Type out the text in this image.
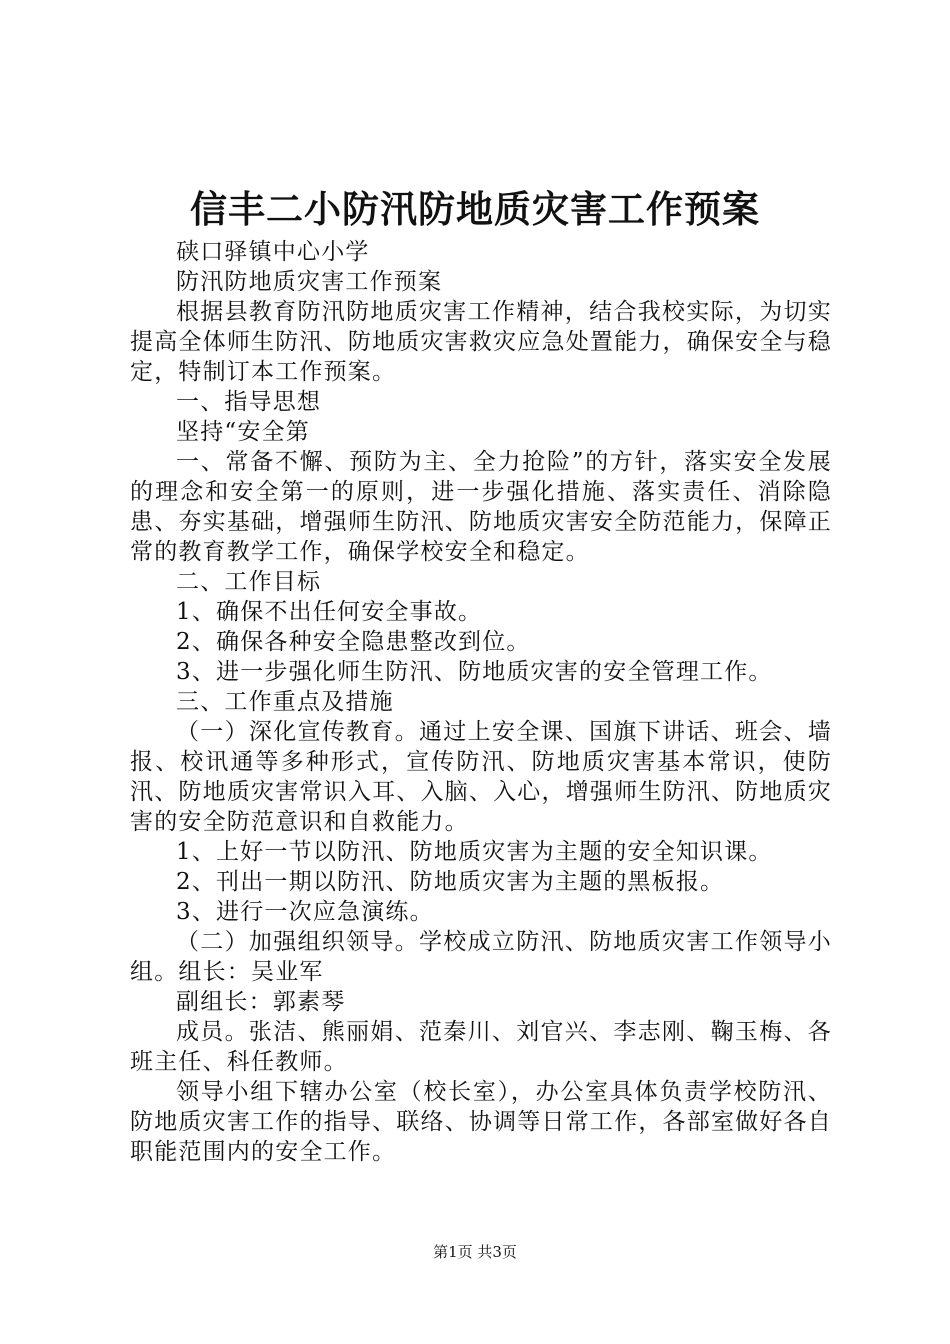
信丰二小防汛防地质灾害工作预案

硖口驿镇中心小学

防汛防地质灾害工作预案

根据县教育防汛防地质灾害工作精神，结合我校实际，为切实提高全体师生防汛、防地质灾害救灾应急处置能力，确保安全与稳定，特制订本工作预案。

一、指导思想

坚持“安全第

一、常备不懈、预防为主、全力抢险”的方针，落实安全发展的理念和安全第一的原则，进一步强化措施、落实责任、消除隐患、夯实基础，增强师生防汛、防地质灾害安全防范能力，保障正常的教育教学工作，确保学校安全和稳定。

二、工作目标

1、确保不出任何安全事故。

2、确保各种安全隐患整改到位。

3、进一步强化师生防汛、防地质灾害的安全管理工作。

三、工作重点及措施

（一）深化宣传教育。通过上安全课、国旗下讲话、班会、墙报、校讯通等多种形式，宣传防汛、防地质灾害基本常识，使防汛、防地质灾害常识入耳、入脑、入心，增强师生防汛、防地质灾害的安全防范意识和自救能力。

1、上好一节以防汛、防地质灾害为主题的安全知识课。

2、刊出一期以防汛、防地质灾害为主题的黑板报。

3、进行一次应急演练。

（二）加强组织领导。学校成立防汛、防地质灾害工作领导小组。组长：吴业军

副组长：郭素琴

成员。张洁、熊丽娟、范秦川、刘官兴、李志刚、鞠玉梅、各班主任、科任教师。

领导小组下辖办公室（校长室），办公室具体负责学校防汛、防地质灾害工作的指导、联络、协调等日常工作，各部室做好各自职能范围内的安全工作。

第1页 共3页
